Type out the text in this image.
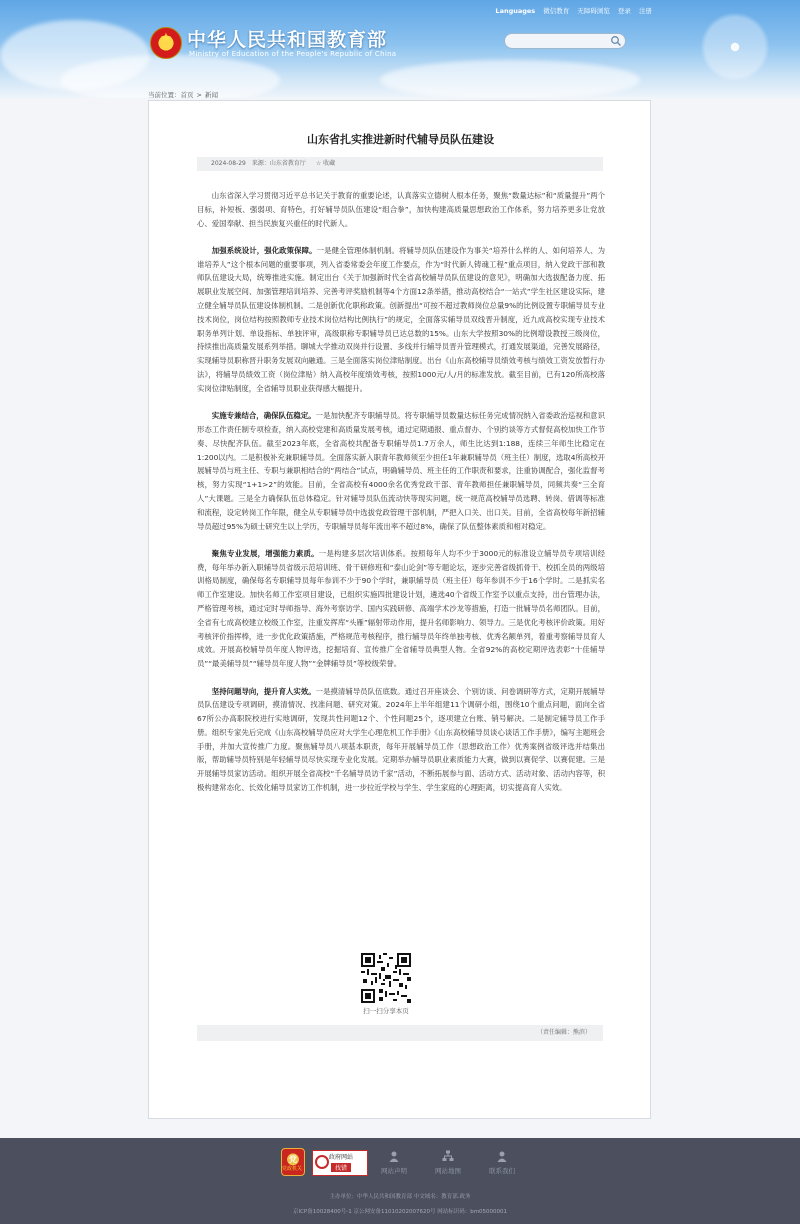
★
中华人民共和国教育部
Ministry of Education of the People's Republic of China
Languages 微信教育 无障碍浏览 登录 注册
当前位置：首页 > 新闻
山东省扎实推进新时代辅导员队伍建设
2024-08-29 来源：山东省教育厅 ☆ 收藏

山东省深入学习贯彻习近平总书记关于教育的重要论述，认真落实立德树人根本任务，聚焦“数量达标”和“质量提升”两个目标，补短板、强弱项、育特色，打好辅导员队伍建设“组合拳”，加快构建高质量思想政治工作体系，努力培养更多让党放心、爱国奉献、担当民族复兴重任的时代新人。

加强系统设计，强化政策保障。一是健全管理体制机制。将辅导员队伍建设作为事关“培养什么样的人、如何培养人、为谁培养人”这个根本问题的重要事项，列入省委常委会年度工作要点，作为“时代新人铸魂工程”重点项目，纳入党政干部和教师队伍建设大局，统筹推进实施。制定出台《关于加强新时代全省高校辅导员队伍建设的意见》，明确加大选拔配备力度、拓展职业发展空间、加强管理培训培养、完善考评奖励机制等4个方面12条举措，推动高校结合“一站式”学生社区建设实际，建立健全辅导员队伍建设体制机制。二是创新优化职称政策。创新提出“可按不超过教师岗位总量9%的比例设置专职辅导员专业技术岗位，岗位结构按照教师专业技术岗位结构比例执行”的规定，全面落实辅导员双线晋升制度，近九成高校实现专业技术职务单列计划、单设指标、单独评审，高级职称专职辅导员已达总数的15%。山东大学按照30%的比例增设教授三级岗位，持续推出高质量发展系列举措。聊城大学推动双岗并行设置、多线并行辅导员晋升管理模式，打通发展渠道，完善发展路径，实现辅导员职称晋升职务发展双向融通。三是全面落实岗位津贴制度。出台《山东高校辅导员绩效考核与绩效工资发放暂行办法》，将辅导员绩效工资（岗位津贴）纳入高校年度绩效考核，按照1000元/人/月的标准发放。截至目前，已有120所高校落实岗位津贴制度，全省辅导员职业获得感大幅提升。

实施专兼结合，确保队伍稳定。一是加快配齐专职辅导员。将专职辅导员数量达标任务完成情况纳入省委政治巡视和意识形态工作责任制专项检查，纳入高校党建和高质量发展考核，通过定期通报、重点督办、个别约谈等方式督促高校加快工作节奏、尽快配齐队伍。截至2023年底，全省高校共配备专职辅导员1.7万余人，师生比达到1:188，连续三年师生比稳定在1:200以内。二是积极补充兼职辅导员。全面落实新入职青年教师须至少担任1年兼职辅导员（班主任）制度，选取4所高校开展辅导员与班主任、专职与兼职相结合的“两结合”试点，明确辅导员、班主任的工作职责和要求，注重协调配合，强化监督考核，努力实现“1+1>2”的效能。目前，全省高校有4000余名优秀党政干部、青年教师担任兼职辅导员，同频共奏“三全育人”大课题。三是全力确保队伍总体稳定。针对辅导员队伍流动快等现实问题，统一规范高校辅导员选聘、转岗、借调等标准和流程，设定转岗工作年限，健全从专职辅导员中选拔党政管理干部机制，严把入口关、出口关。目前，全省高校每年新招辅导员超过95%为硕士研究生以上学历，专职辅导员每年流出率不超过8%，确保了队伍整体素质和相对稳定。

聚焦专业发展，增强能力素质。一是构建多层次培训体系。按照每年人均不少于3000元的标准设立辅导员专项培训经费，每年举办新入职辅导员省级示范培训班、骨干研修班和“泰山论剑”等专题论坛，逐步完善省级抓骨干、校抓全员的两级培训格局制度，确保每名专职辅导员每年参训不少于90个学时，兼职辅导员（班主任）每年参训不少于16个学时。二是抓实名师工作室建设。加快名师工作室项目建设，已组织实施四批建设计划，遴选40个省级工作室予以重点支持，出台管理办法，严格管理考核，通过定时导师指导、海外考察访学、国内实践研修、高端学术沙龙等措施，打造一批辅导员名师团队。目前，全省有七成高校建立校级工作室，注重发挥库“头雁”辐射带动作用，提升名师影响力、领导力。三是优化考核评价政策。用好考核评价指挥棒，进一步优化政策措施，严格规范考核程序，推行辅导员年终单独考核、优秀名额单列，着重考察辅导员育人成效。开展高校辅导员年度人物评选，挖掘培育、宣传推广全省辅导员典型人物。全省92%的高校定期评选表彰“十佳辅导员”“最美辅导员”“辅导员年度人物”“金牌辅导员”等校级荣誉。

坚持问题导向，提升育人实效。一是摸清辅导员队伍底数。通过召开座谈会、个别访谈、问卷调研等方式，定期开展辅导员队伍建设专项调研，摸清情况、找准问题、研究对策。2024年上半年组建11个调研小组，围绕10个重点问题，面向全省67所公办高职院校进行实地调研，发现共性问题12个、个性问题25个，逐项建立台账、销号解决。二是制定辅导员工作手册。组织专家先后完成《山东高校辅导员应对大学生心理危机工作手册》《山东高校辅导员谈心谈话工作手册》，编写主题班会手册，并加大宣传推广力度。聚焦辅导员八项基本职责，每年开展辅导员工作（思想政治工作）优秀案例省级评选并结集出版，帮助辅导员特别是年轻辅导员尽快实现专业化发展。定期举办辅导员职业素质能力大赛，做到以赛促学、以赛促建。三是开展辅导员家访活动。组织开展全省高校“千名辅导员访千家”活动，不断拓展参与面、活动方式、活动对象、活动内容等，积极构建常态化、长效化辅导员家访工作机制，进一步拉近学校与学生、学生家庭的心理距离，切实提高育人实效。

扫一扫分享本页
（责任编辑：熊滨）
党
党政机关
政府网站
找错	网站声明	网站地图	联系我们
主办单位：中华人民共和国教育部 中文域名：教育部.政务
京ICP备10028400号-1 京公网安备11010202007620号 网站标识码：bm05000001
